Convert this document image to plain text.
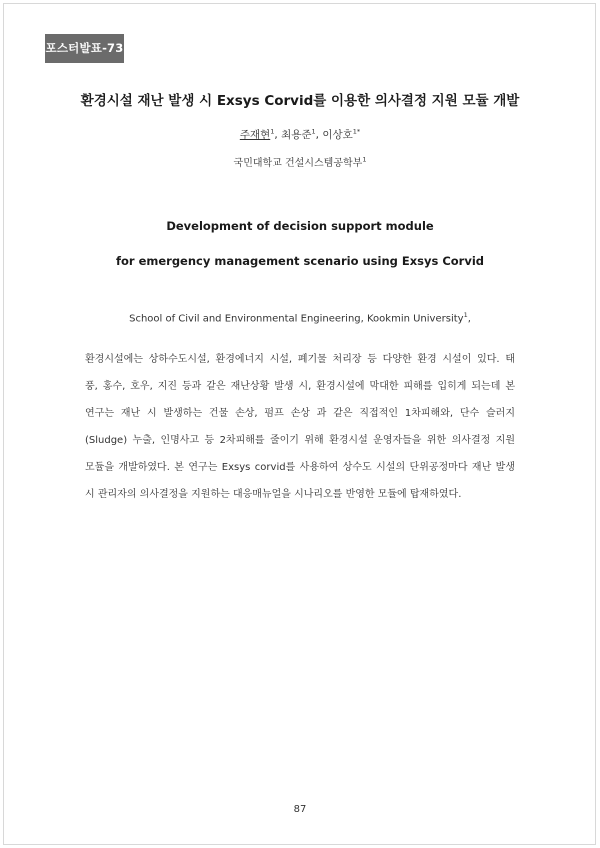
포스터발표-73
환경시설 재난 발생 시 Exsys Corvid를 이용한 의사결정 지원 모듈 개발
주재현$^1$, 최용준$^1$, 이상호$^{1*}$
국민대학교 건설시스템공학부$^1$
Development of decision support module
for emergency management scenario using Exsys Corvid
School of Civil and Environmental Engineering, Kookmin University$^1$,
환경시설에는 상하수도시설, 환경에너지 시설, 폐기물 처리장 등 다양한 환경 시설이 있다. 태
풍, 홍수, 호우, 지진 등과 같은 재난상황 발생 시, 환경시설에 막대한 피해를 입히게 되는데 본
연구는 재난 시 발생하는 건물 손상, 펌프 손상 과 같은 직접적인 1차피해와, 단수 슬러지
(Sludge) 누출, 인명사고 등 2차피해를 줄이기 위해 환경시설 운영자들을 위한 의사결정 지원
모듈을 개발하였다. 본 연구는 Exsys corvid를 사용하여 상수도 시설의 단위공정마다 재난 발생
시 관리자의 의사결정을 지원하는 대응매뉴얼을 시나리오를 반영한 모듈에 탑재하였다.
87
